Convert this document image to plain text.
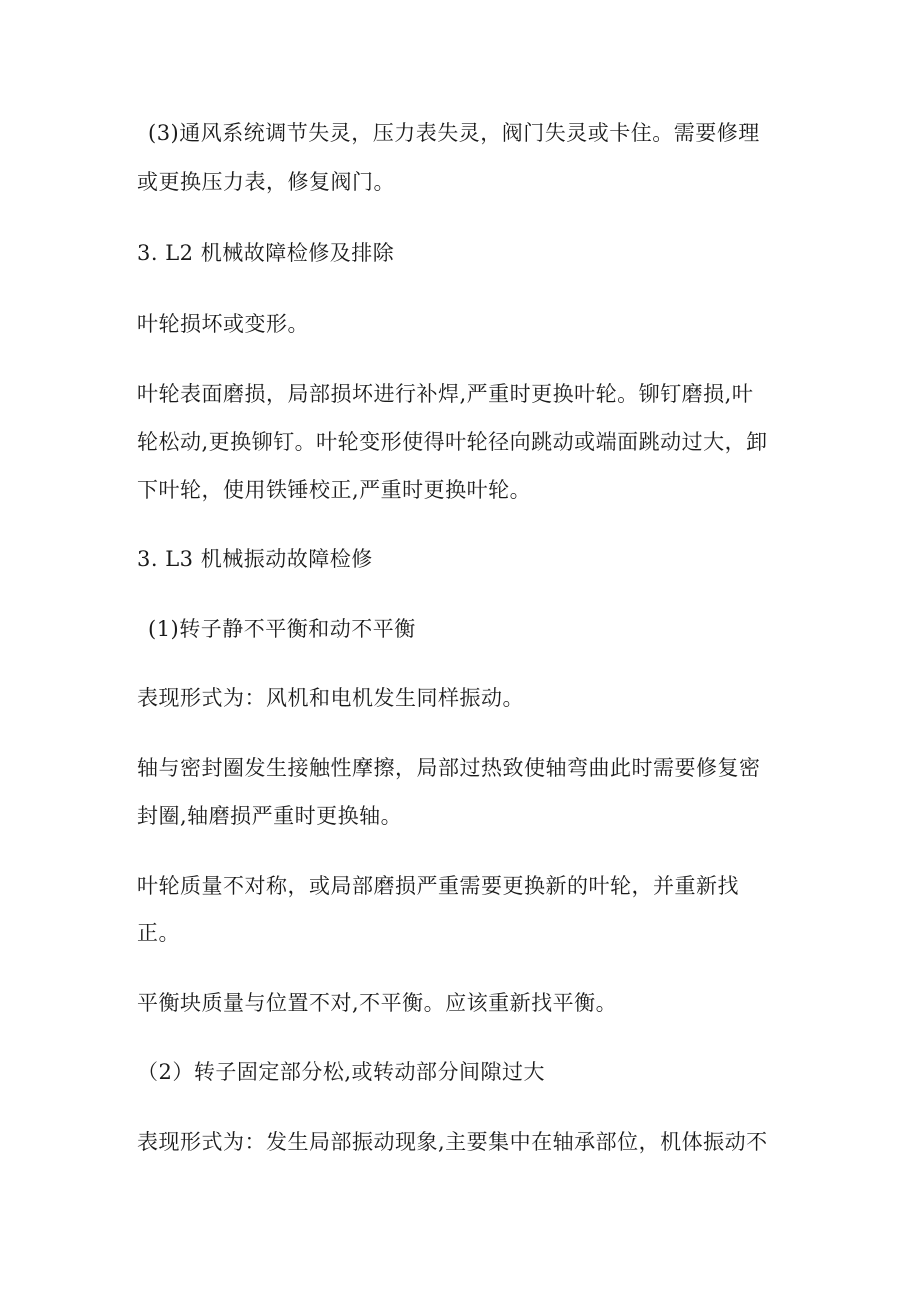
(3)通风系统调节失灵，压力表失灵，阀门失灵或卡住。需要修理
或更换压力表，修复阀门。
3. L2 机械故障检修及排除
叶轮损坏或变形。
叶轮表面磨损，局部损坏进行补焊,严重时更换叶轮。铆钉磨损,叶
轮松动,更换铆钉。叶轮变形使得叶轮径向跳动或端面跳动过大，卸
下叶轮，使用铁锤校正,严重时更换叶轮。
3. L3 机械振动故障检修
(1)转子静不平衡和动不平衡
表现形式为：风机和电机发生同样振动。
轴与密封圈发生接触性摩擦，局部过热致使轴弯曲此时需要修复密
封圈,轴磨损严重时更换轴。
叶轮质量不对称，或局部磨损严重需要更换新的叶轮，并重新找
正。
平衡块质量与位置不对,不平衡。应该重新找平衡。
（2）转子固定部分松,或转动部分间隙过大
表现形式为：发生局部振动现象,主要集中在轴承部位，机体振动不
